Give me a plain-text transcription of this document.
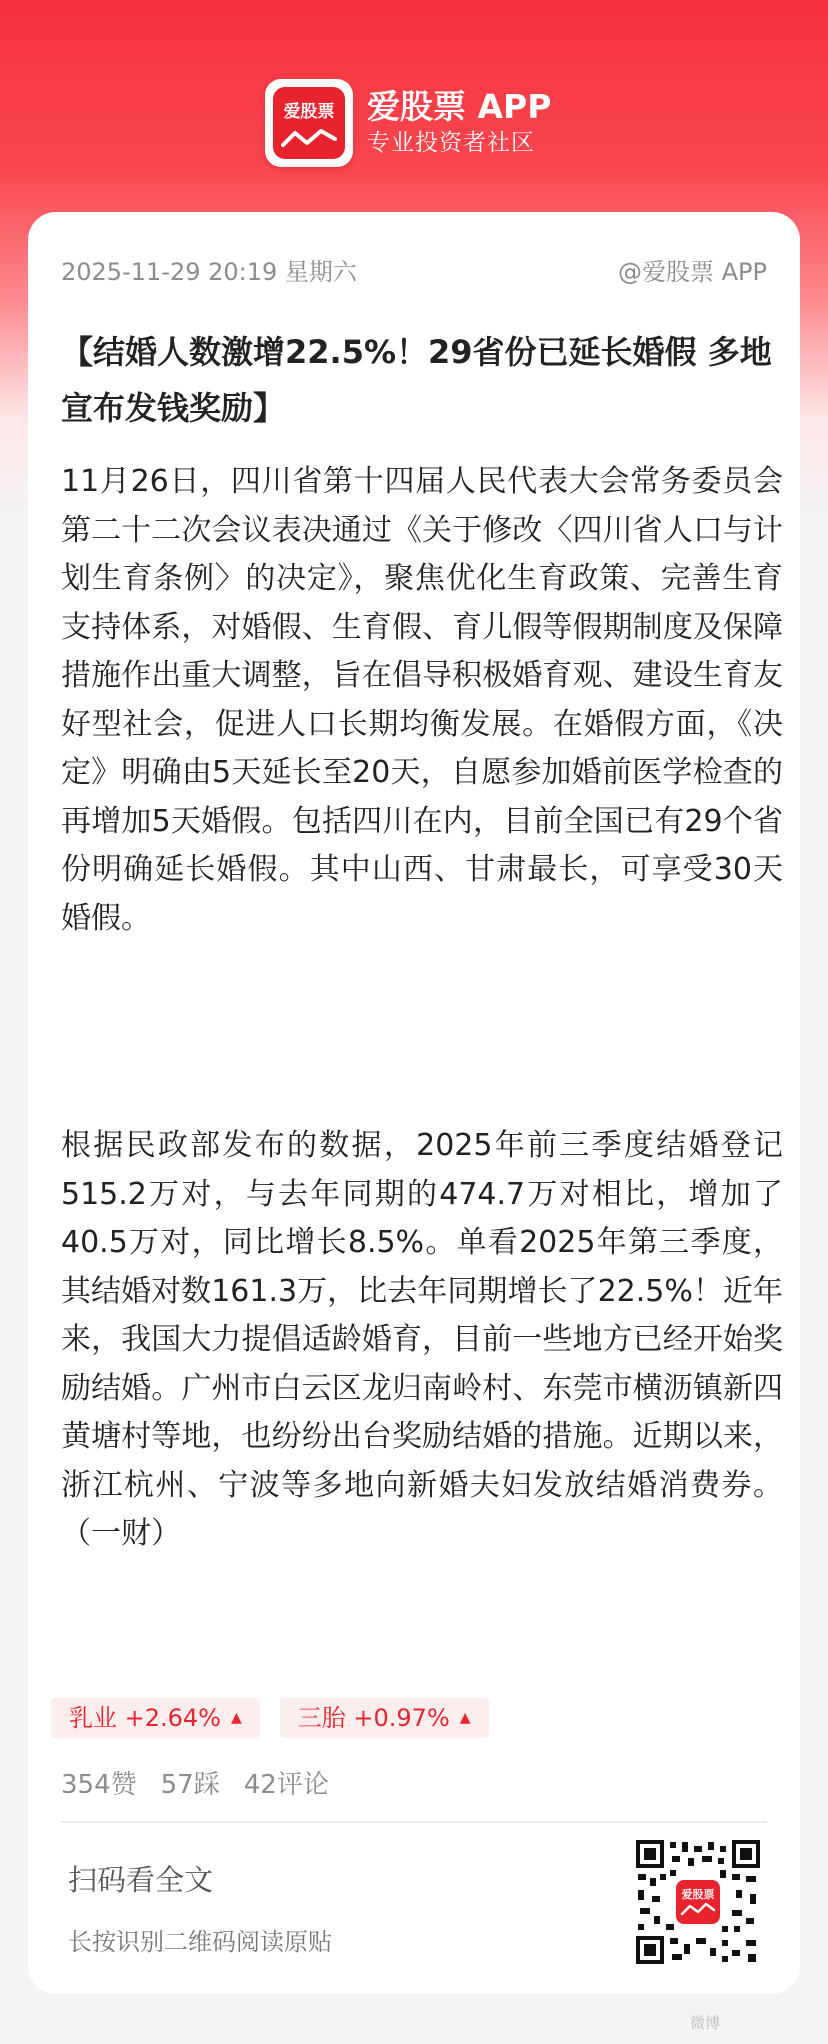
爱股票 爱股票 APP
专业投资者社区
2025-11-29 20:19 星期六	@爱股票 APP
【结婚人数激增22.5%！29省份已延长婚假 多地宣布发钱奖励】

11月26日，四川省第十四届人民代表大会常务委员会第二十二次会议表决通过《关于修改〈四川省人口与计划生育条例〉的决定》，聚焦优化生育政策、完善生育支持体系，对婚假、生育假、育儿假等假期制度及保障措施作出重大调整，旨在倡导积极婚育观、建设生育友好型社会，促进人口长期均衡发展。在婚假方面，《决定》明确由5天延长至20天，自愿参加婚前医学检查的再增加5天婚假。包括四川在内，目前全国已有29个省份明确延长婚假。其中山西、甘肃最长，可享受30天婚假。

根据民政部发布的数据，2025年前三季度结婚登记515.2万对，与去年同期的474.7万对相比，增加了40.5万对，同比增长8.5%。单看2025年第三季度，其结婚对数161.3万，比去年同期增长了22.5%！近年来，我国大力提倡适龄婚育，目前一些地方已经开始奖励结婚。广州市白云区龙归南岭村、东莞市横沥镇新四黄塘村等地，也纷纷出台奖励结婚的措施。近期以来，浙江杭州、宁波等多地向新婚夫妇发放结婚消费券。（一财）

乳业 +2.64% ▲ 三胎 +0.97% ▲
354赞 57踩 42评论
扫码看全文
长按识别二维码阅读原贴
爱股票
微博
